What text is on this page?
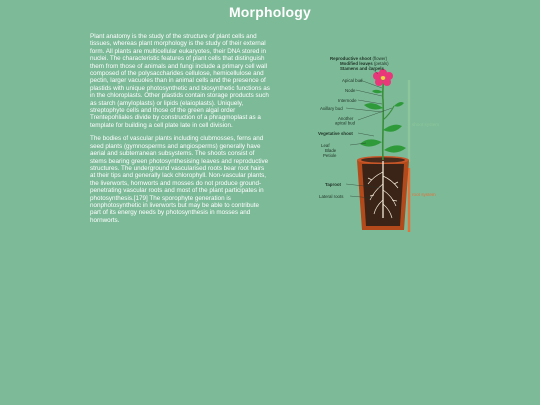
Morphology

Plant anatomy is the study of the structure of plant cells and tissues, whereas plant morphology is the study of their external form. All plants are multicellular eukaryotes, their DNA stored in nuclei. The characteristic features of plant cells that distinguish them from those of animals and fungi include a primary cell wall composed of the polysaccharides cellulose, hemicellulose and pectin, larger vacuoles than in animal cells and the presence of plastids with unique photosynthetic and biosynthetic functions as in the chloroplasts. Other plastids contain storage products such as starch (amyloplasts) or lipids (elaioplasts). Uniquely, streptophyte cells and those of the green algal order Trentepohliales divide by construction of a phragmoplast as a template for building a cell plate late in cell division.

The bodies of vascular plants including clubmosses, ferns and seed plants (gymnosperms and angiosperms) generally have aerial and subterranean subsystems. The shoots consist of stems bearing green photosynthesising leaves and reproductive structures. The underground vascularised roots bear root hairs at their tips and generally lack chlorophyll. Non-vascular plants, the liverworts, hornworts and mosses do not produce ground-penetrating vascular roots and most of the plant participates in photosynthesis.[179] The sporophyte generation is nonphotosynthetic in liverworts but may be able to contribute part of its energy needs by photosynthesis in mosses and hornworts.

Reproductive shoot (flower)
Modified leaves (petals)
Stamens and carpels
Apical bud
Node
Internode
Axillary bud
Another apical bud
Vegetative shoot
Leaf
Blade
Petiole
Taproot
Lateral roots
shoot system
root system
